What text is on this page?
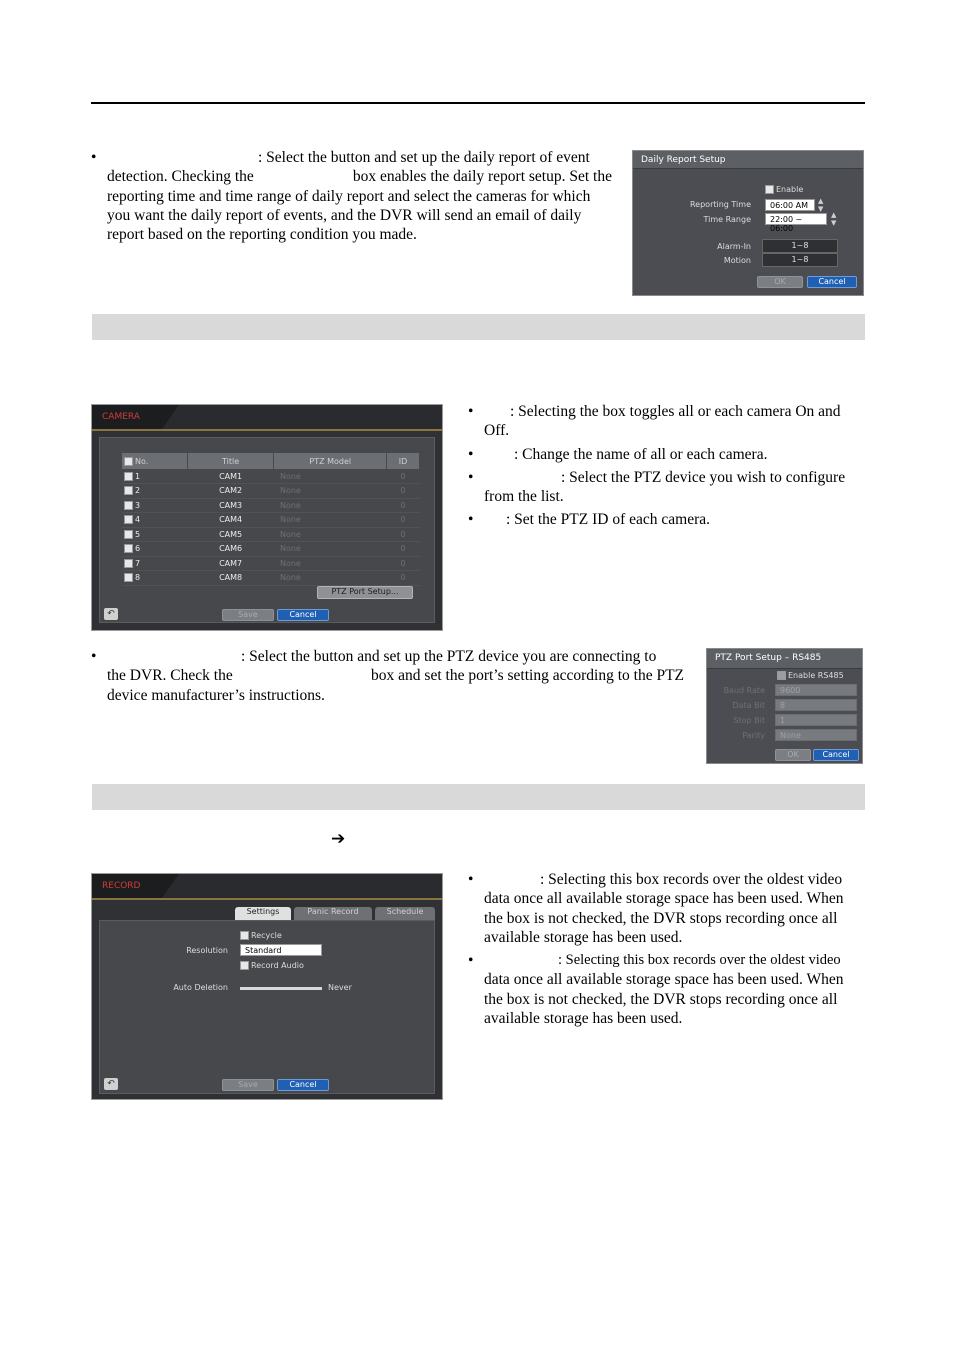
•	: Select the button and set up the daily report of event

detection. Checking the	box enables the daily report setup. Set the

reporting time and time range of daily report and select the cameras for which

you want the daily report of events, and the DVR will send an email of daily

report based on the reporting condition you made.

Daily Report Setup
Enable
Reporting Time	06:00 AM	▲
▼
Time Range	22:00 ~ 06:00
▲
▼
Alarm-In	1~8
Motion	1~8
OK	Cancel
CAMERA
No.	Title	PTZ Model	ID
1	CAM1	None	0
2	CAM2	None	0
3	CAM3	None	0
4	CAM4	None	0
5	CAM5	None	0
6	CAM6	None	0
7	CAM7	None	0
8	CAM8	None	0
PTZ Port Setup...
Save	Cancel
↶
•	: Selecting the box toggles all or each camera On and

Off.

•	: Change the name of all or each camera.

•	: Select the PTZ device you wish to configure

from the list.

•	: Set the PTZ ID of each camera.

•	: Select the button and set up the PTZ device you are connecting to

the DVR. Check the	box and set the port’s setting according to the PTZ

device manufacturer’s instructions.

PTZ Port Setup – RS485
Enable RS485
Baud Rate	9600
Data Bit	8
Stop Bit	1
Parity	None
OK	Cancel
➔
RECORD
Settings	Panic Record	Schedule
Recycle
Resolution	Standard
Record Audio
Auto Deletion	Never
Save	Cancel
↶
•	: Selecting this box records over the oldest video

data once all available storage space has been used. When

the box is not checked, the DVR stops recording once all

available storage has been used.

•	: Selecting this box records over the oldest video

data once all available storage space has been used. When

the box is not checked, the DVR stops recording once all

available storage has been used.
